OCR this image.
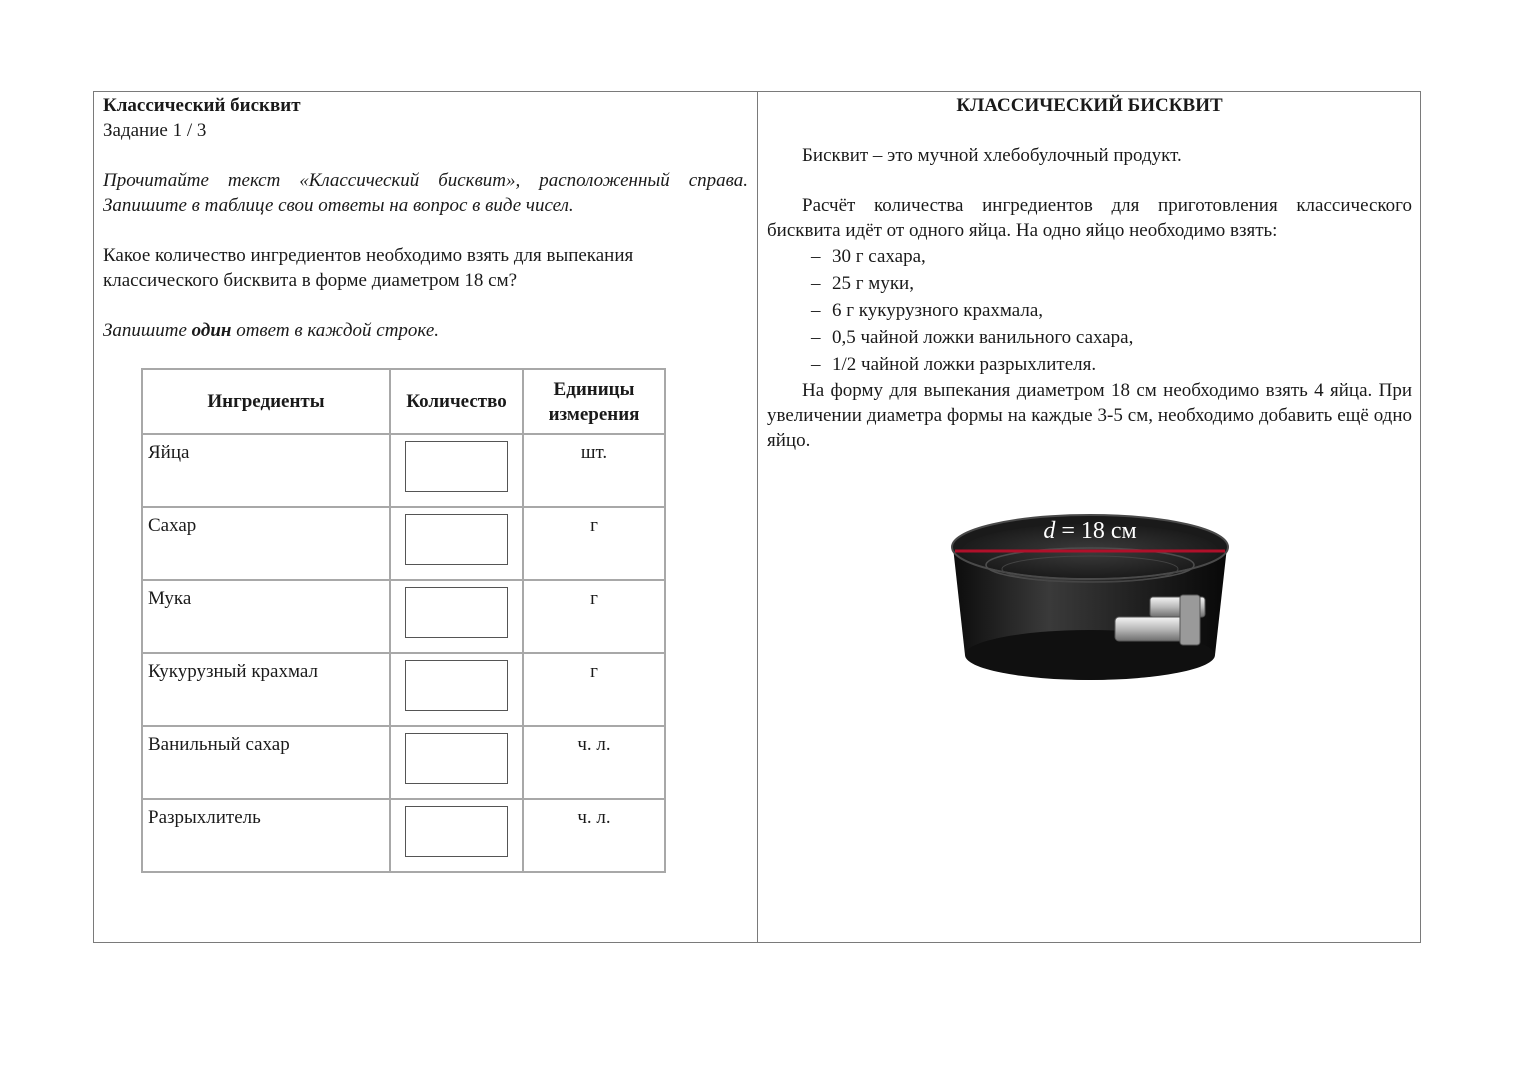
Классический бисквит

Задание 1 / 3

Прочитайте текст «Классический бисквит», расположенный справа. Запишите в таблице свои ответы на вопрос в виде чисел.

Какое количество ингредиентов необходимо взять для выпекания классического бисквита в форме диаметром 18 см?

Запишите один ответ в каждой строке.

Ингредиенты	Количество	Единицы измерения
Яйца		шт.
Сахар		г
Мука		г
Кукурузный крахмал		г
Ванильный сахар		ч. л.
Разрыхлитель		ч. л.

КЛАССИЧЕСКИЙ БИСКВИТ

Бисквит – это мучной хлебобулочный продукт.

Расчёт количества ингредиентов для приготовления классического бисквита идёт от одного яйца. На одно яйцо необходимо взять:

– 30 г сахара,
– 25 г муки,
– 6 г кукурузного крахмала,
– 0,5 чайной ложки ванильного сахара,
– 1/2 чайной ложки разрыхлителя.

На форму для выпекания диаметром 18 см необходимо взять 4 яйца. При увеличении диаметра формы на каждые 3-5 см, необходимо добавить ещё одно яйцо.

d = 18 см
